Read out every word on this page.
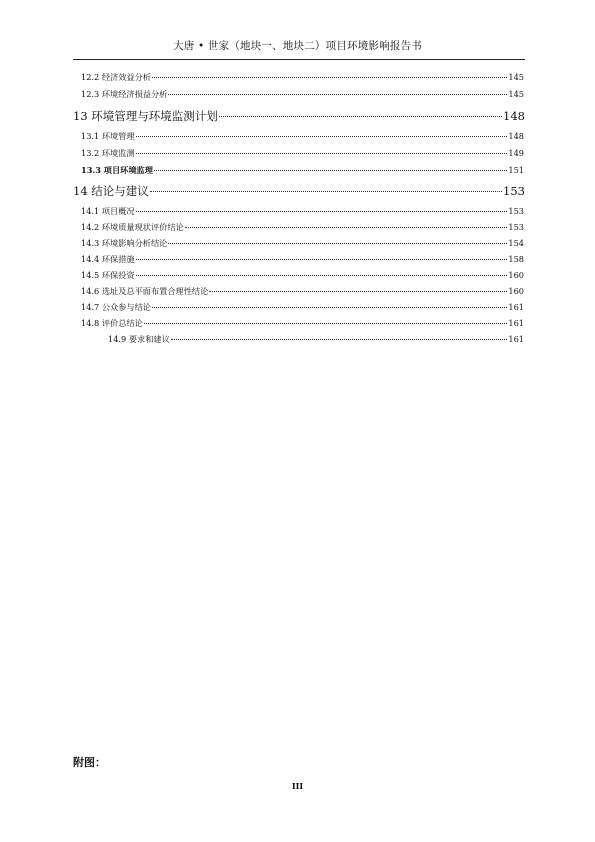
大唐 • 世家（地块一、地块二）项目环境影响报告书
12.2 经济效益分析	145
12.3 环境经济损益分析	145
13 环境管理与环境监测计划	148
13.1 环境管理	148
13.2 环境监测	149
13.3 项目环境监理	151
14 结论与建议	153
14.1 项目概况	153
14.2 环境质量现状评价结论	153
14.3 环境影响分析结论	154
14.4 环保措施	158
14.5 环保投资	160
14.6 选址及总平面布置合理性结论	160
14.7 公众参与结论	161
14.8 评价总结论	161
14.9 要求和建议	161
附图：
III
